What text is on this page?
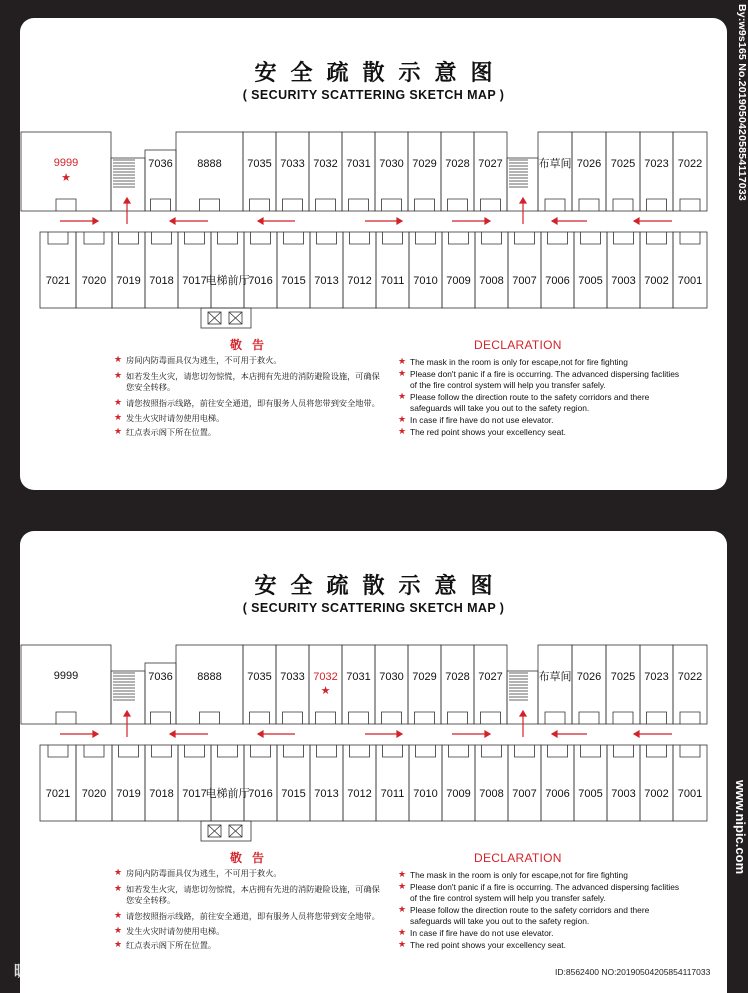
安全疏散示意图
( SECURITY SCATTERING SKETCH MAP )
9999
★
7036 8888 7035 7033 7032 7031 7030 7029 7028 7027	布草间 7026 7025 7023 7022
7021 7020 7019 7018 7017
电梯前厅
7016 7015 7013 7012 7011 7010 7009 7008 7007 7006 7005 7003 7002 7001
敬告
★ 房间内防毒面具仅为逃生，不可用于救火。
★ 如若发生火灾，请您切勿惊慌，本店拥有先进的消防避险设施，可确保您安全转移。
★ 请您按照指示线路，前往安全通道，即有服务人员将您带到安全地带。
★ 发生火灾时请勿使用电梯。
★ 红点表示阁下所在位置。
DECLARATION
★ The mask in the room is only for escape,not for fire fighting
★ Please don't panic if a fire is occurring. The advanced dispersing faclities of the fire control system will help you transfer safely.
★ Please follow the direction route to the safety corridors and there safeguards will take you out to the safety region.
★ In case if fire have do not use elevator.
★ The red point shows your excellency seat.
安全疏散示意图
( SECURITY SCATTERING SKETCH MAP )
9999	7036 8888 7035 7033 7032
★
7031 7030 7029 7028 7027	布草间 7026 7025 7023 7022
7021 7020 7019 7018 7017
电梯前厅
7016 7015 7013 7012 7011 7010 7009 7008 7007 7006 7005 7003 7002 7001
敬告
★ 房间内防毒面具仅为逃生，不可用于救火。
★ 如若发生火灾，请您切勿惊慌，本店拥有先进的消防避险设施，可确保您安全转移。
★ 请您按照指示线路，前往安全通道，即有服务人员将您带到安全地带。
★ 发生火灾时请勿使用电梯。
★ 红点表示阁下所在位置。
DECLARATION
★ The mask in the room is only for escape,not for fire fighting
★ Please don't panic if a fire is occurring. The advanced dispersing faclities of the fire control system will help you transfer safely.
★ Please follow the direction route to the safety corridors and there safeguards will take you out to the safety region.
★ In case if fire have do not use elevator.
★ The red point shows your excellency seat.
By:w9s165 No.20190504205854117033
www.nipic.com
昵图网 www.nipic.com	ID:8562400 NO:20190504205854117033
